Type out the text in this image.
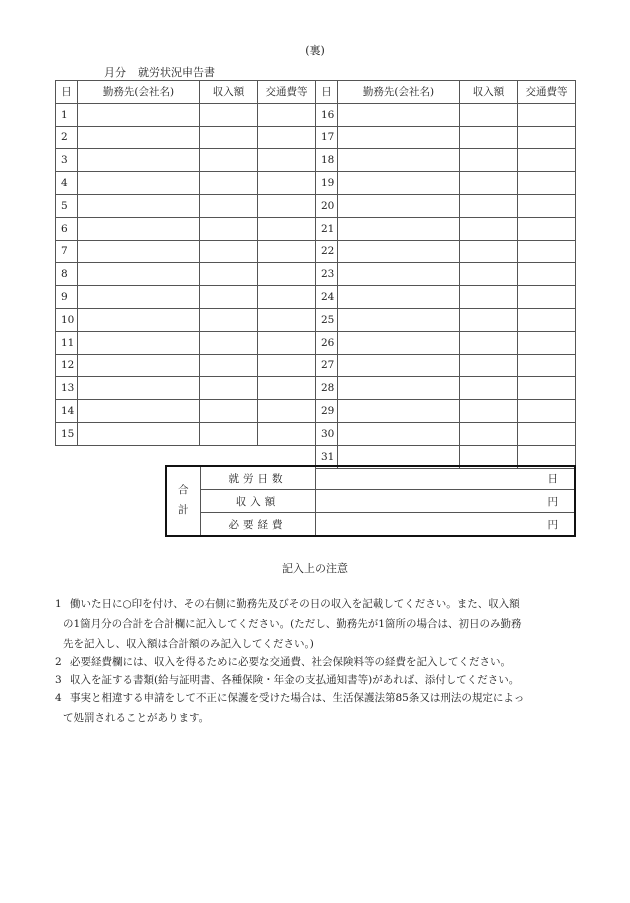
(裏)
月分 就労状況申告書
日	勤務先(会社名)	収入額	交通費等	日	勤務先(会社名)	収入額	交通費等
1				16			
2				17			
3				18			
4				19			
5				20			
6				21			
7				22			
8				23			
9				24			
10				25			
11				26			
12				27			
13				28			
14				29			
15				30			
				31			
合
計	就労日数	日
	収入額	円
	必要経費	円
記入上の注意
1 働いた日に○印を付け、その右側に勤務先及びその日の収入を記載してください。また、収入額
の1箇月分の合計を合計欄に記入してください。(ただし、勤務先が1箇所の場合は、初日のみ勤務
先を記入し、収入額は合計額のみ記入してください。)
2 必要経費欄には、収入を得るために必要な交通費、社会保険料等の経費を記入してください。
3 収入を証する書類(給与証明書、各種保険・年金の支払通知書等)があれば、添付してください。
4 事実と相違する申請をして不正に保護を受けた場合は、生活保護法第85条又は刑法の規定によっ
て処罰されることがあります。
